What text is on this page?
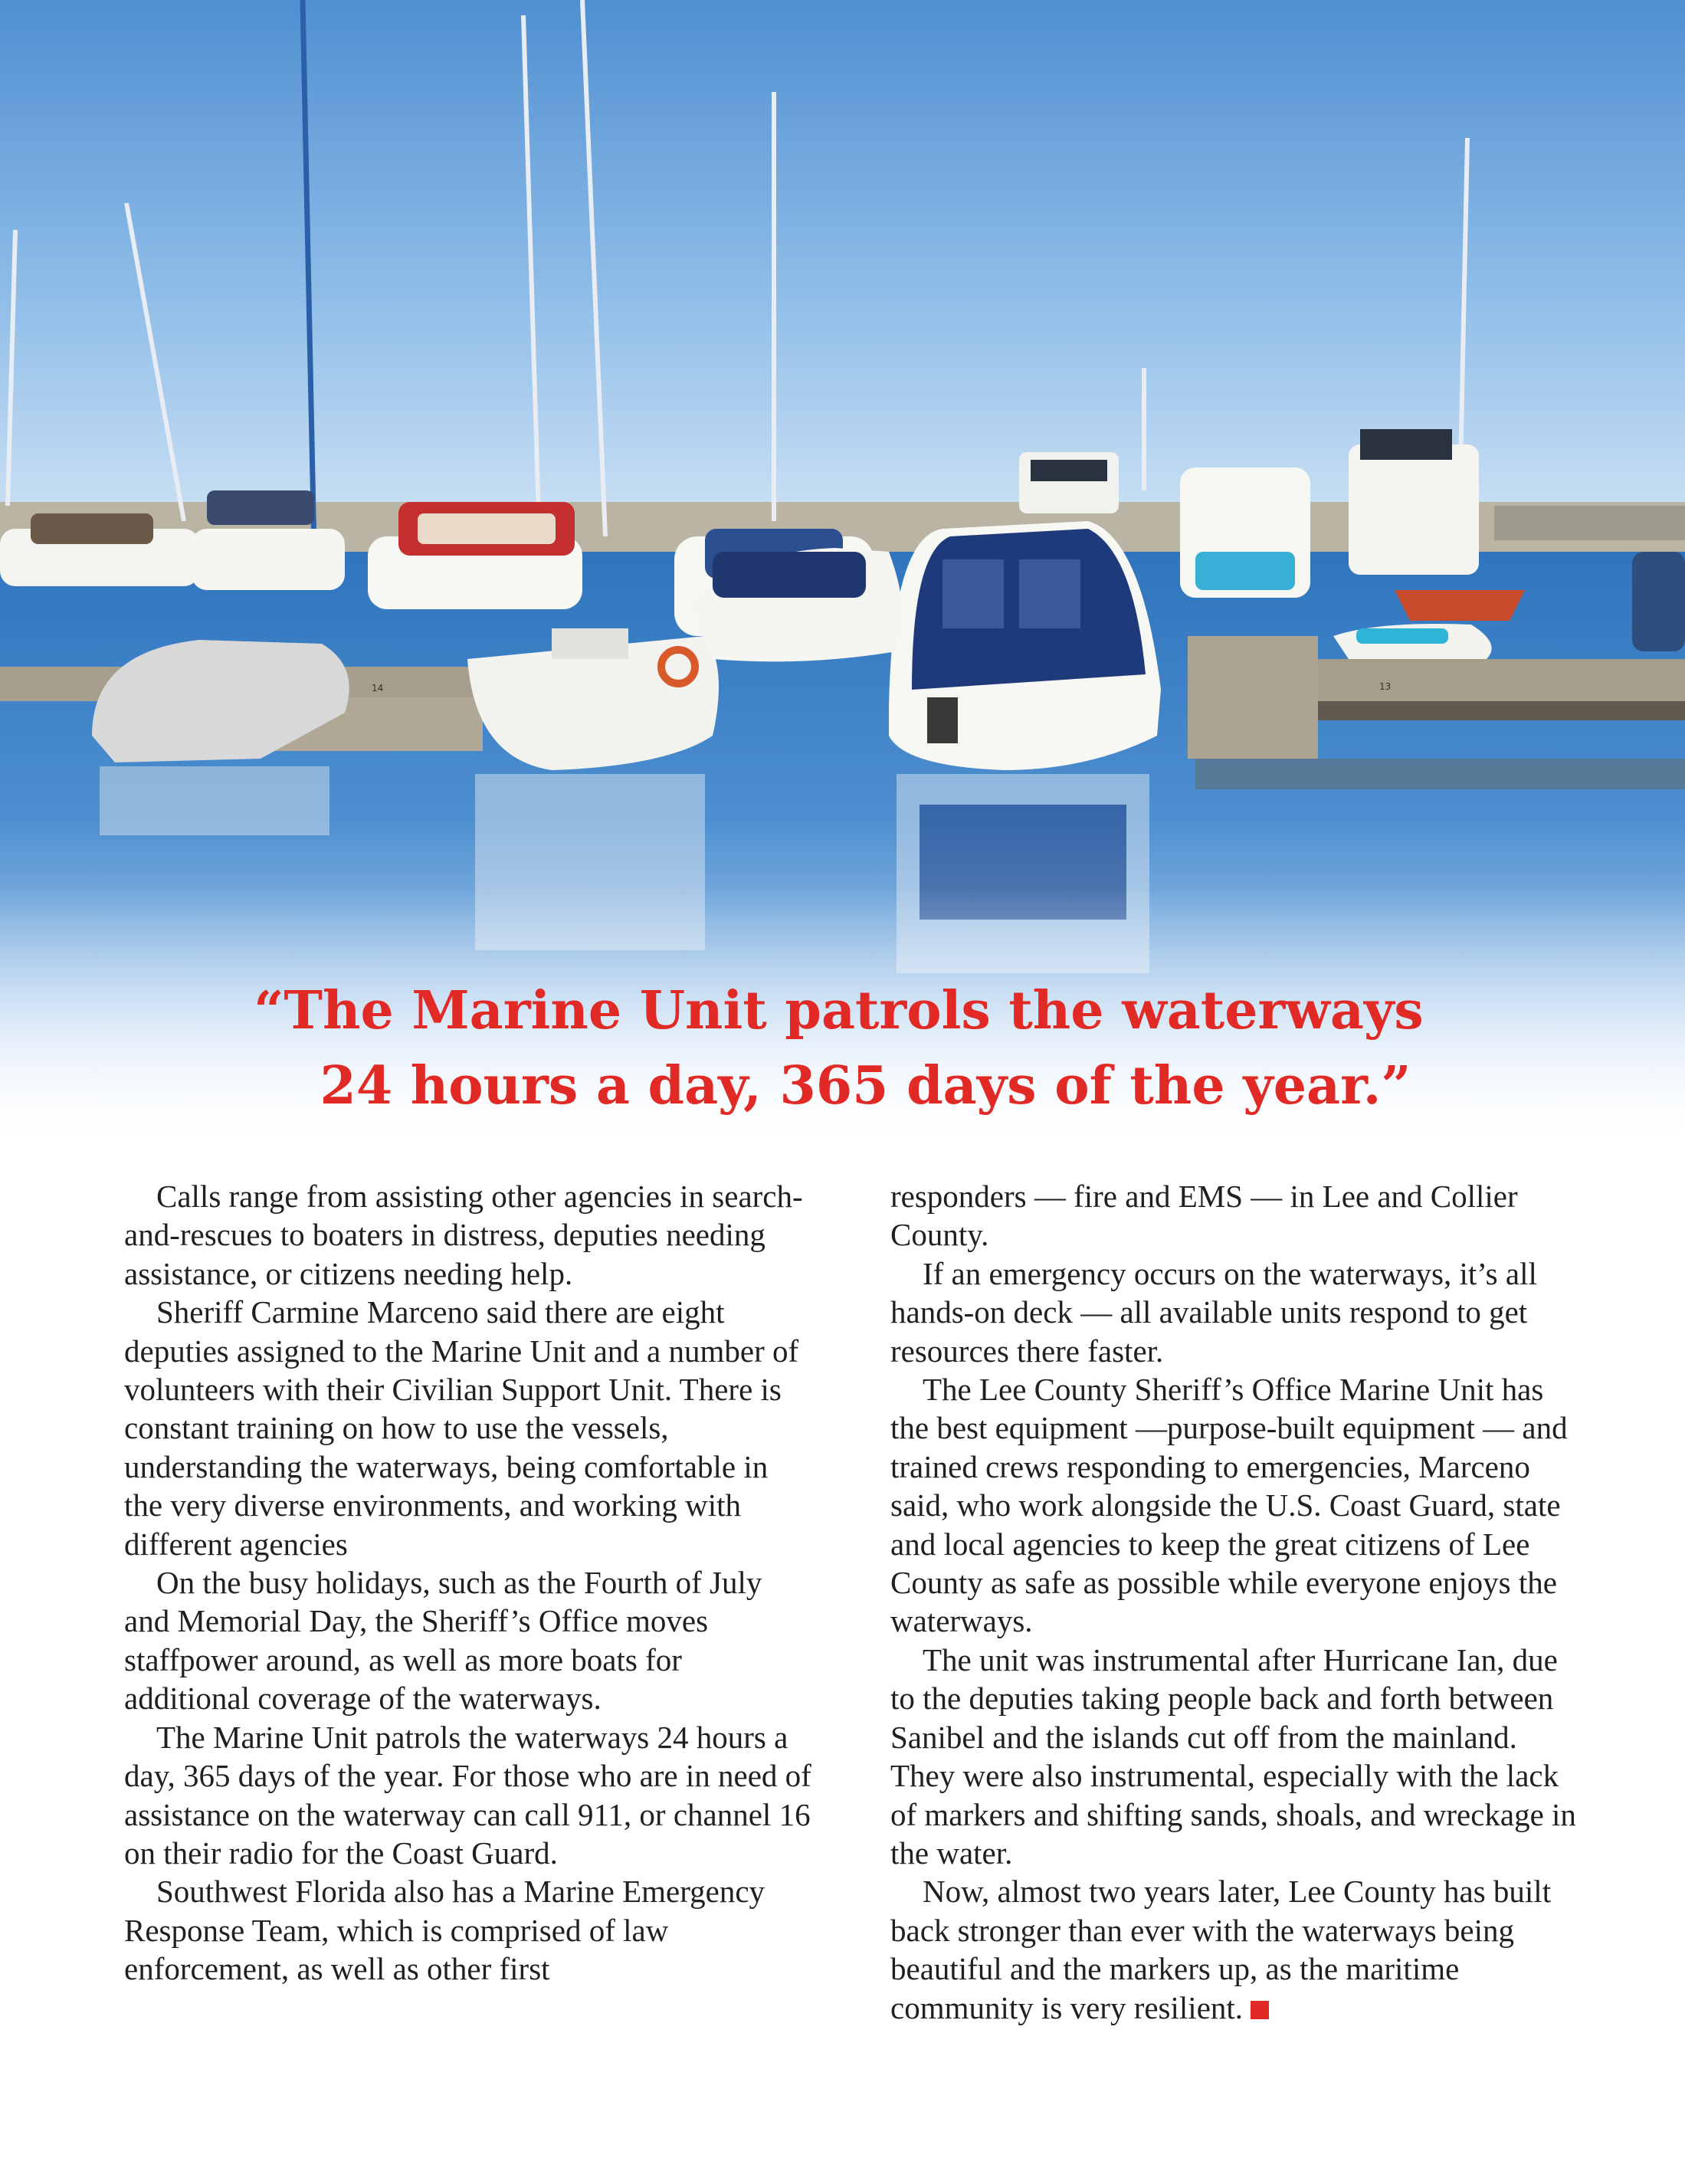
13
14
“The Marine Unit patrols the waterways
24 hours a day, 365 days of the year.”

Calls range from assisting other agencies in search-and-rescues to boaters in distress, deputies needing assistance, or citizens needing help.

Sheriff Carmine Marceno said there are eight deputies assigned to the Marine Unit and a number of volunteers with their Civilian Support Unit. There is constant training on how to use the vessels, understanding the waterways, being comfortable in the very diverse environments, and working with different agencies

On the busy holidays, such as the Fourth of July and Memorial Day, the Sheriff’s Office moves staffpower around, as well as more boats for additional coverage of the waterways.

The Marine Unit patrols the waterways 24 hours a day, 365 days of the year. For those who are in need of assistance on the waterway can call 911, or channel 16 on their radio for the Coast Guard.

Southwest Florida also has a Marine Emergency Response Team, which is comprised of law enforcement, as well as other first

responders — fire and EMS — in Lee and Collier County.

If an emergency occurs on the waterways, it’s all hands-on deck — all available units respond to get resources there faster.

The Lee County Sheriff’s Office Marine Unit has the best equipment —purpose-built equipment — and trained crews responding to emergencies, Marceno said, who work alongside the U.S. Coast Guard, state and local agencies to keep the great citizens of Lee County as safe as possible while everyone enjoys the waterways.

The unit was instrumental after Hurricane Ian, due to the deputies taking people back and forth between Sanibel and the islands cut off from the mainland. They were also instrumental, especially with the lack of markers and shifting sands, shoals, and wreckage in the water.

Now, almost two years later, Lee County has built back stronger than ever with the waterways being beautiful and the markers up, as the maritime community is very resilient.
